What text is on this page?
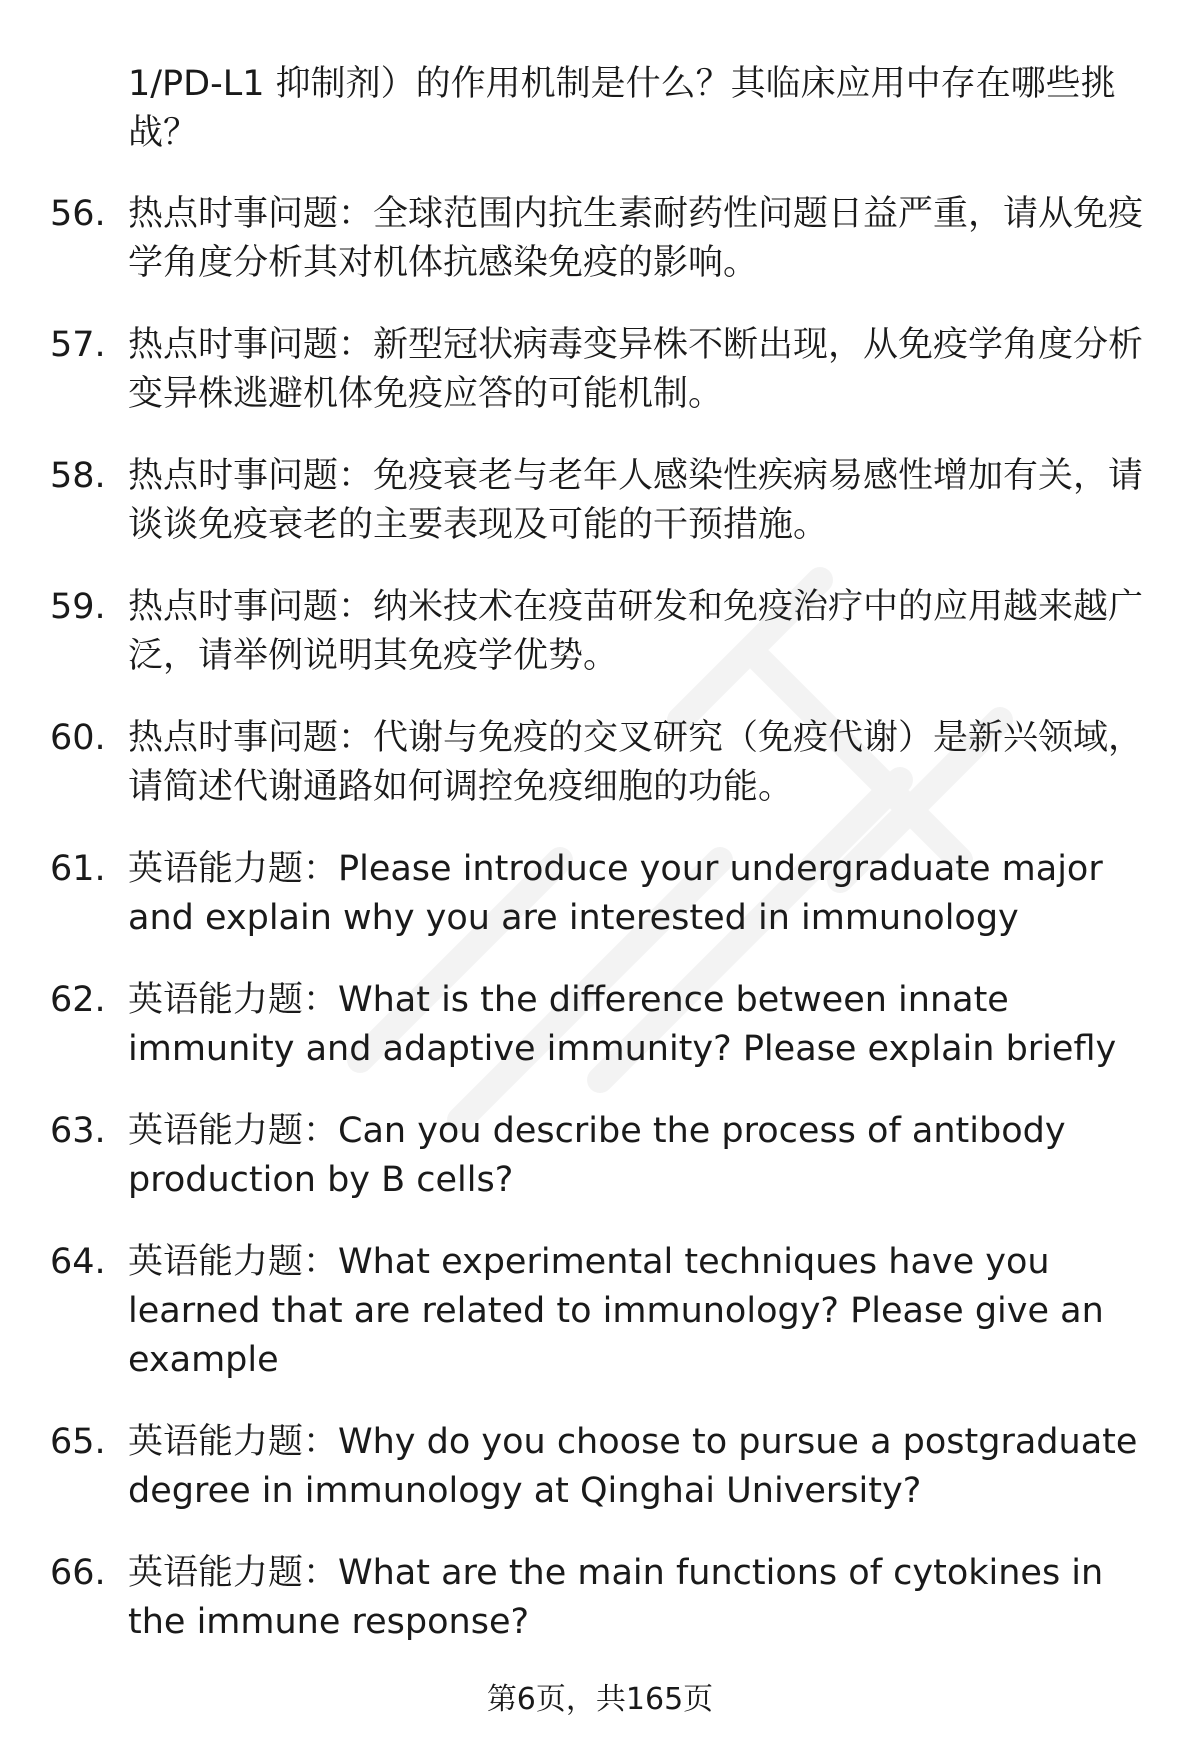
1/PD-L1 抑制剂）的作用机制是什么？其临床应用中存在哪些挑战？
56. 热点时事问题：全球范围内抗生素耐药性问题日益严重，请从免疫学角度分析其对机体抗感染免疫的影响。
57. 热点时事问题：新型冠状病毒变异株不断出现，从免疫学角度分析变异株逃避机体免疫应答的可能机制。
58. 热点时事问题：免疫衰老与老年人感染性疾病易感性增加有关，请谈谈免疫衰老的主要表现及可能的干预措施。
59. 热点时事问题：纳米技术在疫苗研发和免疫治疗中的应用越来越广泛，请举例说明其免疫学优势。
60. 热点时事问题：代谢与免疫的交叉研究（免疫代谢）是新兴领域，请简述代谢通路如何调控免疫细胞的功能。
61. 英语能力题：Please introduce your undergraduate major and explain why you are interested in immunology
62. 英语能力题：What is the difference between innate immunity and adaptive immunity? Please explain briefly
63. 英语能力题：Can you describe the process of antibody production by B cells?
64. 英语能力题：What experimental techniques have you learned that are related to immunology? Please give an example
65. 英语能力题：Why do you choose to pursue a postgraduate degree in immunology at Qinghai University?
66. 英语能力题：What are the main functions of cytokines in the immune response?
第6页，共165页
